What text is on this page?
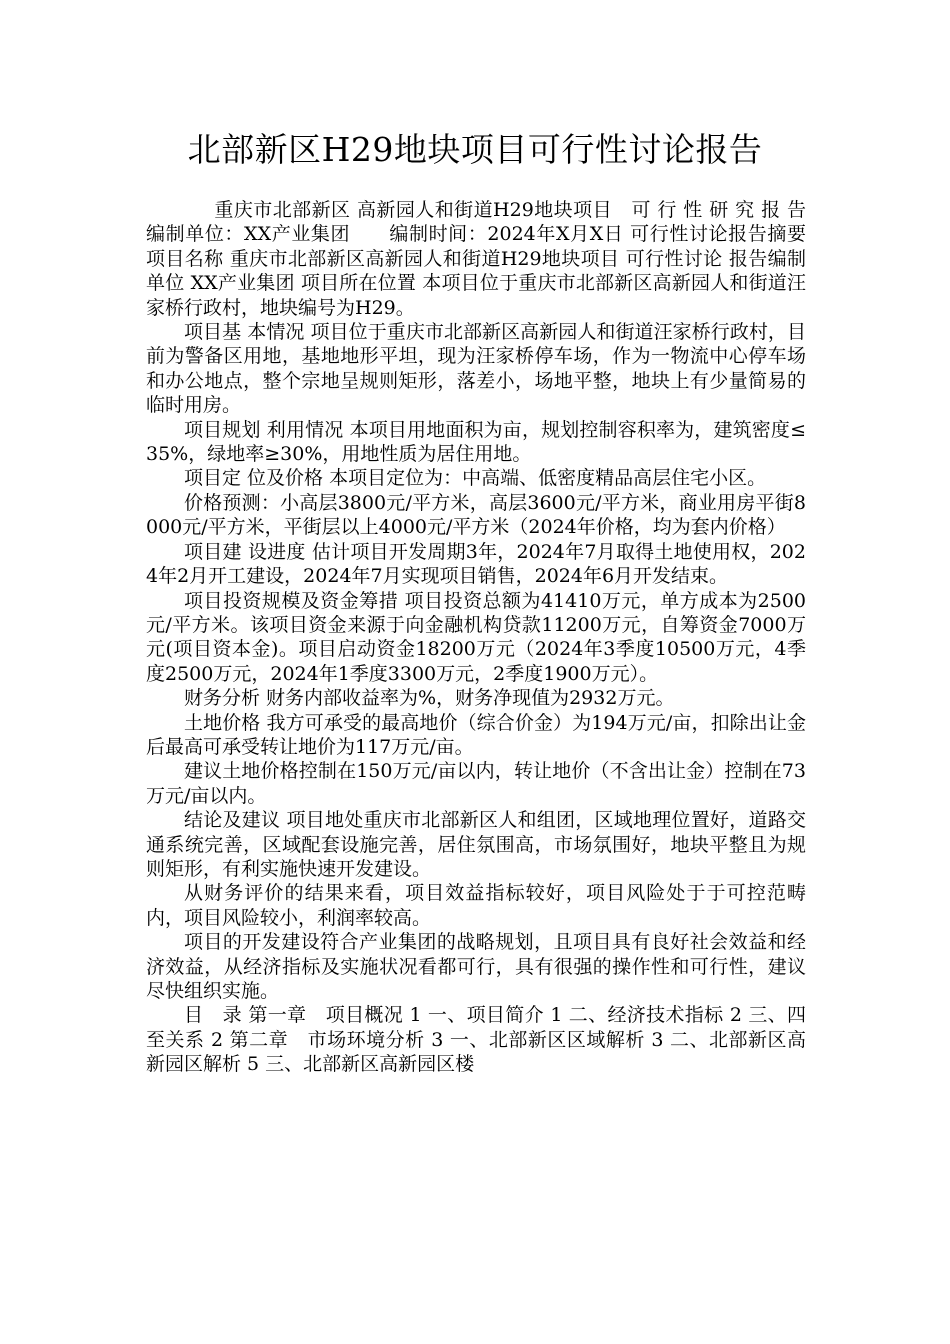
北部新区H29地块项目可行性讨论报告

重庆市北部新区 高新园人和街道H29地块项目　可 行 性 研 究 报 告　　编制单位：XX产业集团　　编制时间：2024年X月X日 可行性讨论报告摘要 项目名称 重庆市北部新区高新园人和街道H29地块项目 可行性讨论 报告编制单位 XX产业集团 项目所在位置 本项目位于重庆市北部新区高新园人和街道汪家桥行政村，地块编号为H29。

项目基 本情况 项目位于重庆市北部新区高新园人和街道汪家桥行政村，目前为警备区用地，基地地形平坦，现为汪家桥停车场，作为一物流中心停车场和办公地点，整个宗地呈规则矩形，落差小，场地平整，地块上有少量简易的临时用房。

项目规划 利用情况 本项目用地面积为亩，规划控制容积率为，建筑密度≤35%，绿地率≥30%，用地性质为居住用地。

项目定 位及价格 本项目定位为：中高端、低密度精品高层住宅小区。

价格预测：小高层3800元/平方米，高层3600元/平方米，商业用房平街8000元/平方米，平街层以上4000元/平方米（2024年价格，均为套内价格）

项目建 设进度 估计项目开发周期3年，2024年7月取得土地使用权，2024年2月开工建设，2024年7月实现项目销售，2024年6月开发结束。

项目投资规模及资金筹措 项目投资总额为41410万元，单方成本为2500元/平方米。该项目资金来源于向金融机构贷款11200万元，自筹资金7000万元(项目资本金)。项目启动资金18200万元（2024年3季度10500万元，4季度2500万元，2024年1季度3300万元，2季度1900万元）。

财务分析 财务内部收益率为%，财务净现值为2932万元。

土地价格 我方可承受的最高地价（综合价金）为194万元/亩，扣除出让金后最高可承受转让地价为117万元/亩。

建议土地价格控制在150万元/亩以内，转让地价（不含出让金）控制在73万元/亩以内。

结论及建议 项目地处重庆市北部新区人和组团，区域地理位置好，道路交通系统完善，区域配套设施完善，居住氛围高，市场氛围好，地块平整且为规则矩形，有利实施快速开发建设。

从财务评价的结果来看，项目效益指标较好，项目风险处于于可控范畴内，项目风险较小，利润率较高。

项目的开发建设符合产业集团的战略规划，且项目具有良好社会效益和经济效益，从经济指标及实施状况看都可行，具有很强的操作性和可行性，建议尽快组织实施。

目　录 第一章　项目概况 1 一、项目简介 1 二、经济技术指标 2 三、四至关系 2 第二章　市场环境分析 3 一、北部新区区域解析 3 二、北部新区高新园区解析 5 三、北部新区高新园区楼
